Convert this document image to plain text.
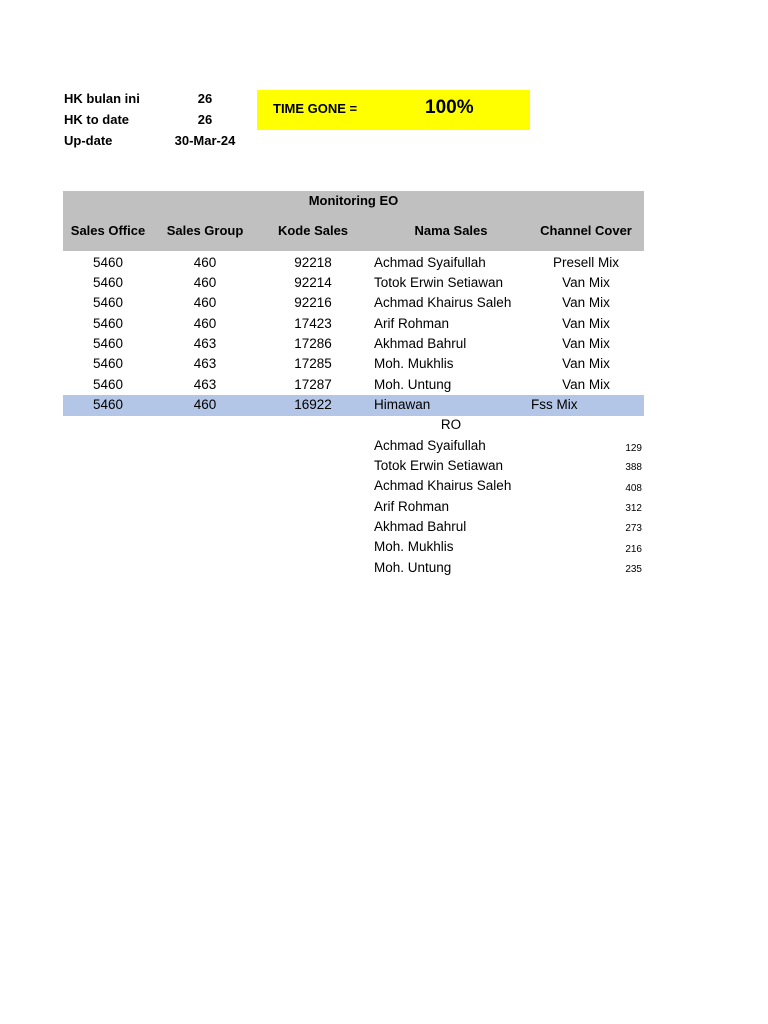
HK bulan ini	26
HK to date	26
Up-date	30-Mar-24
TIME GONE =	100%
Monitoring EO
Sales Office	Sales Group	Kode Sales	Nama Sales	Channel Cover
5460	460	92218	Achmad Syaifullah	Presell Mix
5460	460	92214	Totok Erwin Setiawan	Van Mix
5460	460	92216	Achmad Khairus Saleh	Van Mix
5460	460	17423	Arif Rohman	Van Mix
5460	463	17286	Akhmad Bahrul	Van Mix
5460	463	17285	Moh. Mukhlis	Van Mix
5460	463	17287	Moh. Untung	Van Mix
5460	460	16922	Himawan	Fss Mix
RO
Achmad Syaifullah	129
Totok Erwin Setiawan	388
Achmad Khairus Saleh	408
Arif Rohman	312
Akhmad Bahrul	273
Moh. Mukhlis	216
Moh. Untung	235
